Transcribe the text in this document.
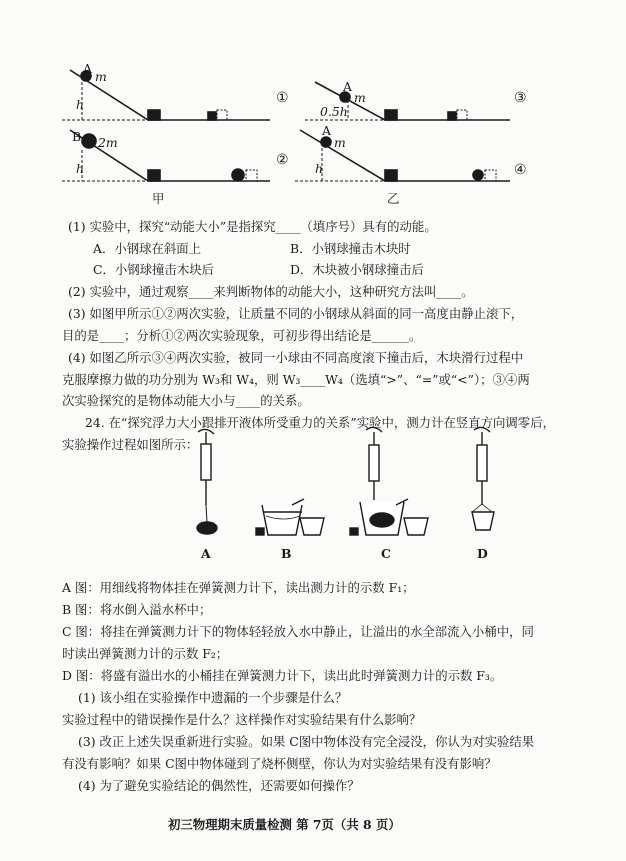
A
m
h	①
B 2m
h
②
A
m
0.5h
③
A
m
h	④
甲	乙
(1) 实验中，探究“动能大小”是指探究____（填序号）具有的动能。
A．小钢球在斜面上	B．小钢球撞击木块时
C．小钢球撞击木块后	D．木块被小钢球撞击后
(2) 实验中，通过观察____来判断物体的动能大小，这种研究方法叫____。
(3) 如图甲所示①②两次实验，让质量不同的小钢球从斜面的同一高度由静止滚下，
目的是____；分析①②两次实验现象，可初步得出结论是______。
(4) 如图乙所示③④两次实验，被同一小球由不同高度滚下撞击后，木块滑行过程中
克服摩擦力做的功分别为 W₃和 W₄，则 W₃____W₄（选填“>”、“=”或“<”）；③④两
次实验探究的是物体动能大小与____的关系。
24. 在“探究浮力大小跟排开液体所受重力的关系”实验中，测力计在竖直方向调零后，
实验操作过程如图所示：
A	B	C	D
A 图：用细线将物体挂在弹簧测力计下，读出测力计的示数 F₁；
B 图：将水倒入溢水杯中；
C 图：将挂在弹簧测力计下的物体轻轻放入水中静止，让溢出的水全部流入小桶中，同
时读出弹簧测力计的示数 F₂；
D 图：将盛有溢出水的小桶挂在弹簧测力计下，读出此时弹簧测力计的示数 F₃。
(1) 该小组在实验操作中遗漏的一个步骤是什么？
实验过程中的错误操作是什么？这样操作对实验结果有什么影响？
(3) 改正上述失误重新进行实验。如果 C图中物体没有完全浸没，你认为对实验结果
有没有影响？如果 C图中物体碰到了烧杯侧壁，你认为对实验结果有没有影响？
(4) 为了避免实验结论的偶然性，还需要如何操作？
初三物理期末质量检测 第 7页（共 8 页）
